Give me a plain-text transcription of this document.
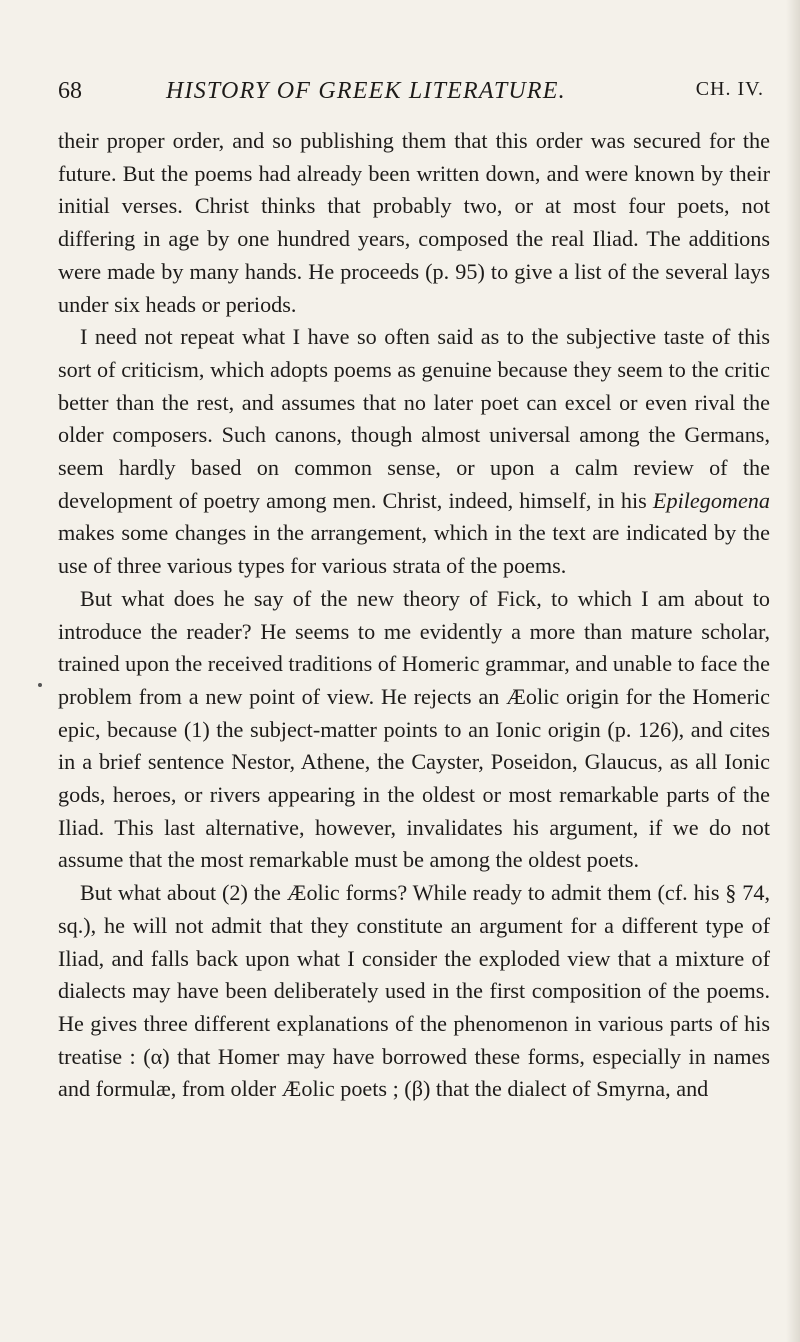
68	HISTORY OF GREEK LITERATURE.	CH. IV.

their proper order, and so publishing them that this order was secured for the future. But the poems had already been written down, and were known by their initial verses. Christ thinks that probably two, or at most four poets, not differing in age by one hundred years, composed the real Iliad. The additions were made by many hands. He proceeds (p. 95) to give a list of the several lays under six heads or periods.

I need not repeat what I have so often said as to the subjective taste of this sort of criticism, which adopts poems as genuine because they seem to the critic better than the rest, and assumes that no later poet can excel or even rival the older composers. Such canons, though almost universal among the Germans, seem hardly based on common sense, or upon a calm review of the development of poetry among men. Christ, indeed, himself, in his Epilegomena makes some changes in the arrangement, which in the text are indicated by the use of three various types for various strata of the poems.

But what does he say of the new theory of Fick, to which I am about to introduce the reader? He seems to me evidently a more than mature scholar, trained upon the received traditions of Homeric grammar, and unable to face the problem from a new point of view. He rejects an Æolic origin for the Homeric epic, because (1) the subject-matter points to an Ionic origin (p. 126), and cites in a brief sentence Nestor, Athene, the Cayster, Poseidon, Glaucus, as all Ionic gods, heroes, or rivers appearing in the oldest or most remarkable parts of the Iliad. This last alternative, however, invalidates his argument, if we do not assume that the most remarkable must be among the oldest poets.

But what about (2) the Æolic forms? While ready to admit them (cf. his § 74, sq.), he will not admit that they constitute an argument for a different type of Iliad, and falls back upon what I consider the exploded view that a mixture of dialects may have been deliberately used in the first composition of the poems. He gives three different explanations of the phenomenon in various parts of his treatise : (α) that Homer may have borrowed these forms, especially in names and formulæ, from older Æolic poets ; (β) that the dialect of Smyrna, and
